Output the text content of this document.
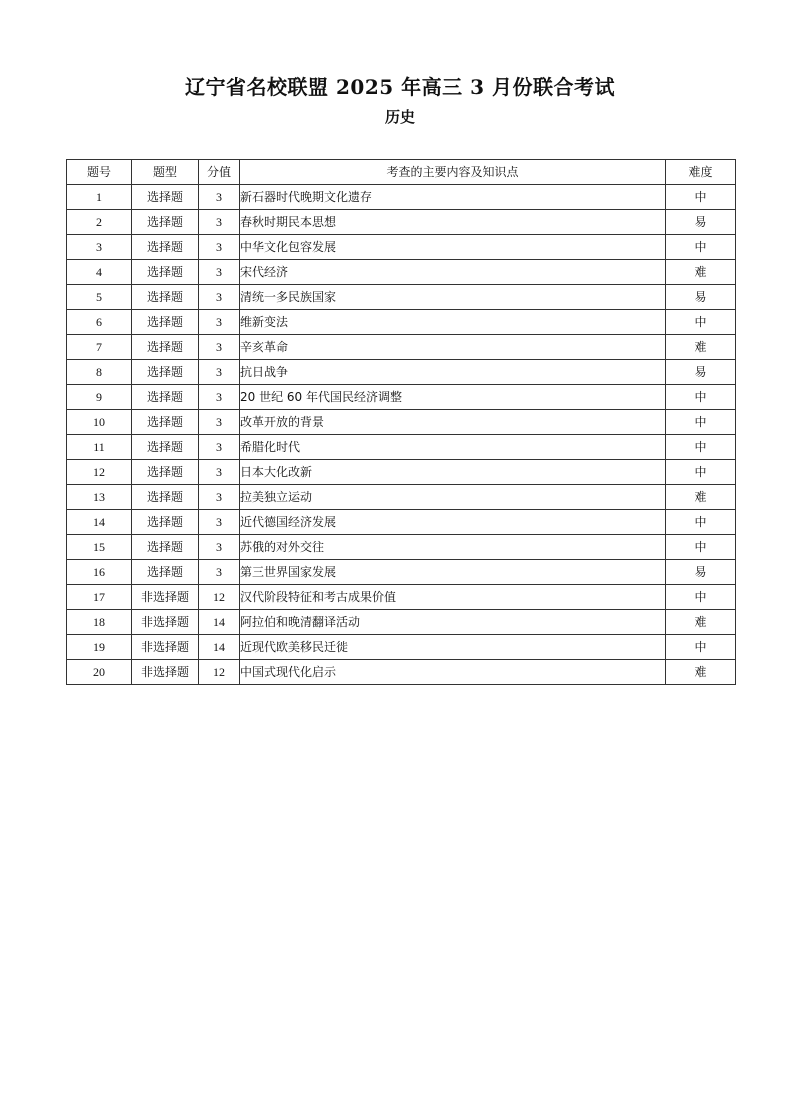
辽宁省名校联盟 2025 年高三 3 月份联合考试
历史
题号	题型	分值	考查的主要内容及知识点	难度
1	选择题	3	新石器时代晚期文化遗存	中
2	选择题	3	春秋时期民本思想	易
3	选择题	3	中华文化包容发展	中
4	选择题	3	宋代经济	难
5	选择题	3	清统一多民族国家	易
6	选择题	3	维新变法	中
7	选择题	3	辛亥革命	难
8	选择题	3	抗日战争	易
9	选择题	3	20 世纪 60 年代国民经济调整	中
10	选择题	3	改革开放的背景	中
11	选择题	3	希腊化时代	中
12	选择题	3	日本大化改新	中
13	选择题	3	拉美独立运动	难
14	选择题	3	近代德国经济发展	中
15	选择题	3	苏俄的对外交往	中
16	选择题	3	第三世界国家发展	易
17	非选择题	12	汉代阶段特征和考古成果价值	中
18	非选择题	14	阿拉伯和晚清翻译活动	难
19	非选择题	14	近现代欧美移民迁徙	中
20	非选择题	12	中国式现代化启示	难
